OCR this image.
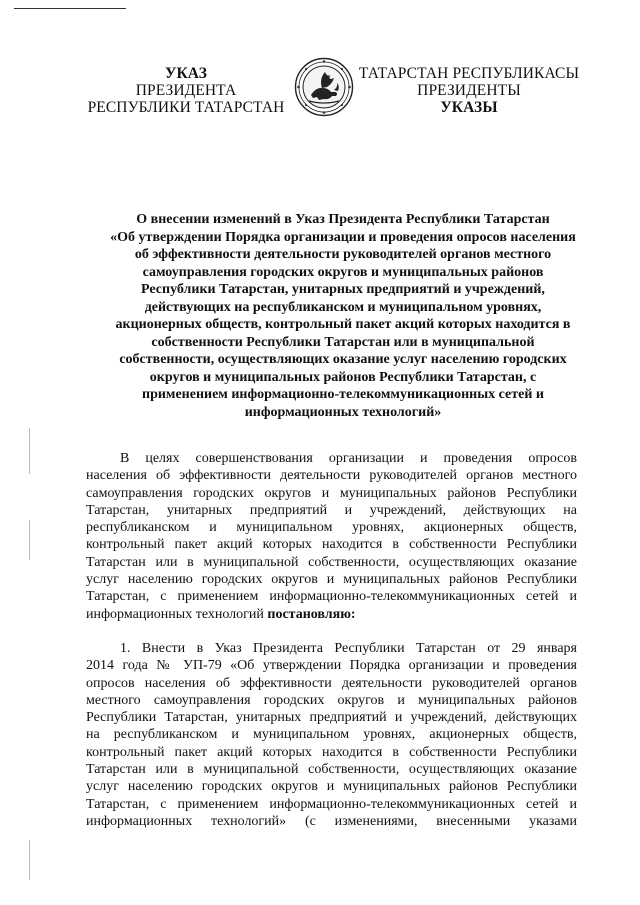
УКАЗ
ПРЕЗИДЕНТА
РЕСПУБЛИКИ ТАТАРСТАН
ТАТАРСТАН РЕСПУБЛИКАСЫ
ПРЕЗИДЕНТЫ
УКАЗЫ
О внесении изменений в Указ Президента Республики Татарстан
«Об утверждении Порядка организации и проведения опросов населения
об эффективности деятельности руководителей органов местного
самоуправления городских округов и муниципальных районов
Республики Татарстан, унитарных предприятий и учреждений,
действующих на республиканском и муниципальном уровнях,
акционерных обществ, контрольный пакет акций которых находится в
собственности Республики Татарстан или в муниципальной
собственности, осуществляющих оказание услуг населению городских
округов и муниципальных районов Республики Татарстан, с
применением информационно-телекоммуникационных сетей и
информационных технологий»
В целях совершенствования организации и проведения опросов
населения об эффективности деятельности руководителей органов местного
самоуправления городских округов и муниципальных районов Республики
Татарстан, унитарных предприятий и учреждений, действующих на
республиканском и муниципальном уровнях, акционерных обществ,
контрольный пакет акций которых находится в собственности Республики
Татарстан или в муниципальной собственности, осуществляющих оказание
услуг населению городских округов и муниципальных районов Республики
Татарстан, с применением информационно-телекоммуникационных сетей и
информационных технологий постановляю:
1. Внести в Указ Президента Республики Татарстан от 29 января
2014 года № УП-79 «Об утверждении Порядка организации и проведения
опросов населения об эффективности деятельности руководителей органов
местного самоуправления городских округов и муниципальных районов
Республики Татарстан, унитарных предприятий и учреждений, действующих
на республиканском и муниципальном уровнях, акционерных обществ,
контрольный пакет акций которых находится в собственности Республики
Татарстан или в муниципальной собственности, осуществляющих оказание
услуг населению городских округов и муниципальных районов Республики
Татарстан, с применением информационно-телекоммуникационных сетей и
информационных технологий» (с изменениями, внесенными указами
